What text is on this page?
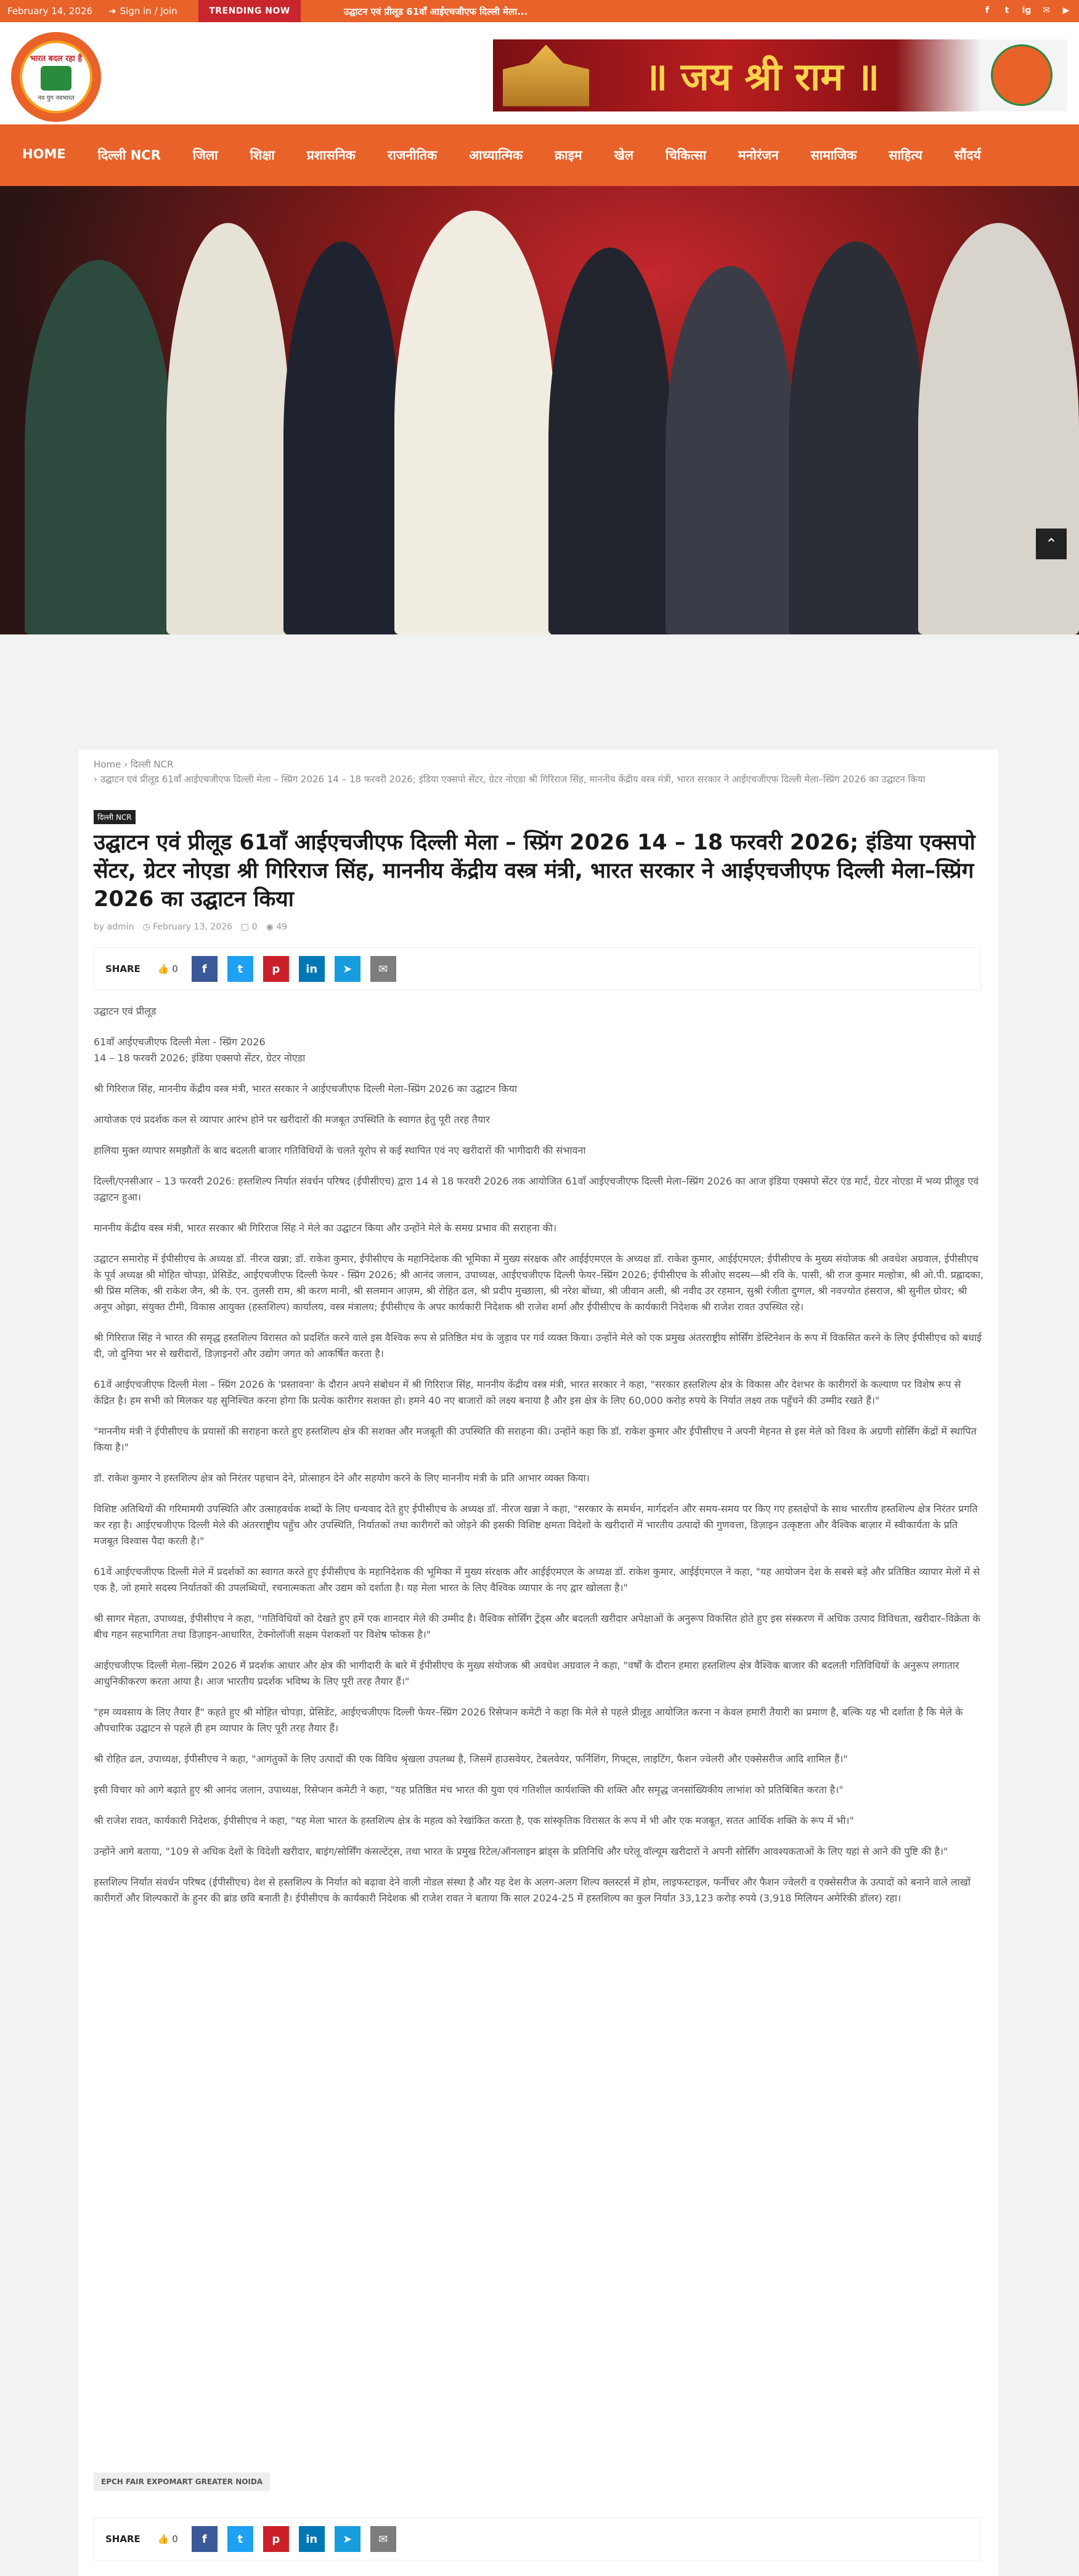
February 14, 2026 ➜ Sign in / Join	TRENDING NOW	उद्घाटन एवं प्रीलूड 61वाँ आईएचजीएफ दिल्ली मेला...	f	t	ig ✉ ▶
भारत बदल रहा है
नव युग नवभारत	॥ जय श्री राम ॥
HOME दिल्ली NCR जिला शिक्षा प्रशासनिक राजनीतिक आध्यात्मिक क्राइम खेल चिकित्सा मनोरंजन सामाजिक साहित्य सौंदर्य
⌃
Home › दिल्ली NCR
› उद्घाटन एवं प्रीलूड 61वाँ आईएचजीएफ दिल्ली मेला – स्प्रिंग 2026 14 – 18 फरवरी 2026; इंडिया एक्सपो सेंटर, ग्रेटर नोएडा श्री गिरिराज सिंह, माननीय केंद्रीय वस्त्र मंत्री, भारत सरकार ने आईएचजीएफ दिल्ली मेला–स्प्रिंग 2026 का उद्घाटन किया
दिल्ली NCR
उद्घाटन एवं प्रीलूड 61वाँ आईएचजीएफ दिल्ली मेला – स्प्रिंग 2026 14 – 18 फरवरी 2026; इंडिया एक्सपो सेंटर, ग्रेटर नोएडा श्री गिरिराज सिंह, माननीय केंद्रीय वस्त्र मंत्री, भारत सरकार ने आईएचजीएफ दिल्ली मेला–स्प्रिंग 2026 का उद्घाटन किया
by admin ◷ February 13, 2026 ▢ 0 ◉ 49
SHARE 👍 0	f	t	p	in	➤	✉

उद्घाटन एवं प्रीलूड

61वाँ आईएचजीएफ दिल्ली मेला - स्प्रिंग 2026
14 – 18 फरवरी 2026; इंडिया एक्सपो सेंटर, ग्रेटर नोएडा

श्री गिरिराज सिंह, माननीय केंद्रीय वस्त्र मंत्री, भारत सरकार ने आईएचजीएफ दिल्ली मेला–स्प्रिंग 2026 का उद्घाटन किया

आयोजक एवं प्रदर्शक कल से व्यापार आरंभ होने पर खरीदारों की मजबूत उपस्थिति के स्वागत हेतु पूरी तरह तैयार

हालिया मुक्त व्यापार समझौतों के बाद बदलती बाजार गतिविधियों के चलते यूरोप से कई स्थापित एवं नए खरीदारों की भागीदारी की संभावना

दिल्ली/एनसीआर – 13 फरवरी 2026: हस्तशिल्प निर्यात संवर्धन परिषद (ईपीसीएच) द्वारा 14 से 18 फरवरी 2026 तक आयोजित 61वाँ आईएचजीएफ दिल्ली मेला–स्प्रिंग 2026 का आज इंडिया एक्सपो सेंटर एंड मार्ट, ग्रेटर नोएडा में भव्य प्रीलूड एवं उद्घाटन हुआ।

माननीय केंद्रीय वस्त्र मंत्री, भारत सरकार श्री गिरिराज सिंह ने मेले का उद्घाटन किया और उन्होंने मेले के समग्र प्रभाव की सराहना की।

उद्घाटन समारोह में ईपीसीएच के अध्यक्ष डॉ. नीरज खन्ना; डॉ. राकेश कुमार, ईपीसीएच के महानिदेशक की भूमिका में मुख्य संरक्षक और आईईएमएल के अध्यक्ष डॉ. राकेश कुमार, आईईएमएल; ईपीसीएच के मुख्य संयोजक श्री अवधेश अग्रवाल, ईपीसीएच के पूर्व अध्यक्ष श्री मोहित चोपड़ा, प्रेसिडेंट, आईएचजीएफ दिल्ली फेयर - स्प्रिंग 2026; श्री आनंद जलान, उपाध्यक्ष, आईएचजीएफ दिल्ली फेयर–स्प्रिंग 2026; ईपीसीएच के सीओए सदस्य—श्री रवि के. पासी, श्री राज कुमार मल्होत्रा, श्री ओ.पी. प्रह्लादका, श्री प्रिंस मलिक, श्री राकेश जैन, श्री के. एन. तुलसी राम, श्री करण मानी, श्री सलमान आज़म, श्री रोहित ढल, श्री प्रदीप मुच्छाला, श्री नरेश बोंध्या, श्री जीवान अली, श्री नवीद उर रहमान, सुश्री रंजीता दुग्गल, श्री नवज्योत हंसराज, श्री सुनील ग्रोवर; श्री अनूप ओझा, संयुक्त टीमी, विकास आयुक्त (हस्तशिल्प) कार्यालय, वस्त्र मंत्रालय; ईपीसीएच के अपर कार्यकारी निदेशक श्री राजेश शर्मा और ईपीसीएच के कार्यकारी निदेशक श्री राजेश रावत उपस्थित रहे।

श्री गिरिराज सिंह ने भारत की समृद्ध हस्तशिल्प विरासत को प्रदर्शित करने वाले इस वैश्विक रूप से प्रतिष्ठित मंच के जुड़ाव पर गर्व व्यक्त किया। उन्होंने मेले को एक प्रमुख अंतरराष्ट्रीय सोर्सिंग डेस्टिनेशन के रूप में विकसित करने के लिए ईपीसीएच को बधाई दी, जो दुनिया भर से खरीदारों, डिज़ाइनरों और उद्योग जगत को आकर्षित करता है।

61वें आईएचजीएफ दिल्ली मेला – स्प्रिंग 2026 के 'प्रस्तावना' के दौरान अपने संबोधन में श्री गिरिराज सिंह, माननीय केंद्रीय वस्त्र मंत्री, भारत सरकार ने कहा, "सरकार हस्तशिल्प क्षेत्र के विकास और देशभर के कारीगरों के कल्याण पर विशेष रूप से केंद्रित है। हम सभी को मिलकर यह सुनिश्चित करना होगा कि प्रत्येक कारीगर सशक्त हो। हमने 40 नए बाजारों को लक्ष्य बनाया है और इस क्षेत्र के लिए 60,000 करोड़ रुपये के निर्यात लक्ष्य तक पहुँचने की उम्मीद रखते हैं।"

"माननीय मंत्री ने ईपीसीएच के प्रयासों की सराहना करते हुए हस्तशिल्प क्षेत्र की सशक्त और मजबूती की उपस्थिति की सराहना की। उन्होंने कहा कि डॉ. राकेश कुमार और ईपीसीएच ने अपनी मेहनत से इस मेले को विश्व के अग्रणी सोर्सिंग केंद्रों में स्थापित किया है।"

डॉ. राकेश कुमार ने हस्तशिल्प क्षेत्र को निरंतर पहचान देने, प्रोत्साहन देने और सहयोग करने के लिए माननीय मंत्री के प्रति आभार व्यक्त किया।

विशिष्ट अतिथियों की गरिमामयी उपस्थिति और उत्साहवर्धक शब्दों के लिए धन्यवाद देते हुए ईपीसीएच के अध्यक्ष डॉ. नीरज खन्ना ने कहा, "सरकार के समर्थन, मार्गदर्शन और समय-समय पर किए गए हस्तक्षेपों के साथ भारतीय हस्तशिल्प क्षेत्र निरंतर प्रगति कर रहा है। आईएचजीएफ दिल्ली मेले की अंतरराष्ट्रीय पहुँच और उपस्थिति, निर्यातकों तथा कारीगरों को जोड़ने की इसकी विशिष्ट क्षमता विदेशों के खरीदारों में भारतीय उत्पादों की गुणवत्ता, डिज़ाइन उत्कृष्टता और वैश्विक बाज़ार में स्वीकार्यता के प्रति मजबूत विश्वास पैदा करती है।"

61वें आईएचजीएफ दिल्ली मेले में प्रदर्शकों का स्वागत करते हुए ईपीसीएच के महानिदेशक की भूमिका में मुख्य संरक्षक और आईईएमएल के अध्यक्ष डॉ. राकेश कुमार, आईईएमएल ने कहा, "यह आयोजन देश के सबसे बड़े और प्रतिष्ठित व्यापार मेलों में से एक है, जो हमारे सदस्य निर्यातकों की उपलब्धियों, रचनात्मकता और उद्यम को दर्शाता है। यह मेला भारत के लिए वैश्विक व्यापार के नए द्वार खोलता है।"

श्री सागर मेहता, उपाध्यक्ष, ईपीसीएच ने कहा, "गतिविधियों को देखते हुए हमें एक शानदार मेले की उम्मीद है। वैश्विक सोर्सिंग ट्रेंड्स और बदलती खरीदार अपेक्षाओं के अनुरूप विकसित होते हुए इस संस्करण में अधिक उत्पाद विविधता, खरीदार–विक्रेता के बीच गहन सहभागिता तथा डिज़ाइन-आधारित, टेक्नोलॉजी सक्षम पेशकशों पर विशेष फोकस है।"

आईएचजीएफ दिल्ली मेला–स्प्रिंग 2026 में प्रदर्शक आधार और क्षेत्र की भागीदारी के बारे में ईपीसीएच के मुख्य संयोजक श्री अवधेश अग्रवाल ने कहा, "वर्षों के दौरान हमारा हस्तशिल्प क्षेत्र वैश्विक बाजार की बदलती गतिविधियों के अनुरूप लगातार आधुनिकीकरण करता आया है। आज भारतीय प्रदर्शक भविष्य के लिए पूरी तरह तैयार हैं।"

"हम व्यवसाय के लिए तैयार हैं" कहते हुए श्री मोहित चोपड़ा, प्रेसिडेंट, आईएचजीएफ दिल्ली फेयर–स्प्रिंग 2026 रिसेप्शन कमेटी ने कहा कि मेले से पहले प्रीलूड आयोजित करना न केवल हमारी तैयारी का प्रमाण है, बल्कि यह भी दर्शाता है कि मेले के औपचारिक उद्घाटन से पहले ही हम व्यापार के लिए पूरी तरह तैयार हैं।

श्री रोहित ढल, उपाध्यक्ष, ईपीसीएच ने कहा, "आगंतुकों के लिए उत्पादों की एक विविध श्रृंखला उपलब्ध है, जिसमें हाउसवेयर, टेबलवेयर, फर्निशिंग, गिफ्ट्स, लाइटिंग, फैशन ज्वेलरी और एक्सेसरीज आदि शामिल हैं।"

इसी विचार को आगे बढ़ाते हुए श्री आनंद जलान, उपाध्यक्ष, रिसेप्शन कमेटी ने कहा, "यह प्रतिष्ठित मंच भारत की युवा एवं गतिशील कार्यशक्ति की शक्ति और समृद्ध जनसांख्यिकीय लाभांश को प्रतिबिंबित करता है।"

श्री राजेश रावत, कार्यकारी निदेशक, ईपीसीएच ने कहा, "यह मेला भारत के हस्तशिल्प क्षेत्र के महत्व को रेखांकित करता है, एक सांस्कृतिक विरासत के रूप में भी और एक मजबूत, सतत आर्थिक शक्ति के रूप में भी।"

उन्होंने आगे बताया, "109 से अधिक देशों के विदेशी खरीदार, बाइंग/सोर्सिंग कंसल्टेंट्स, तथा भारत के प्रमुख रिटेल/ऑनलाइन ब्रांड्स के प्रतिनिधि और घरेलू वॉल्यूम खरीदारों ने अपनी सोर्सिंग आवश्यकताओं के लिए यहां से आने की पुष्टि की है।"

हस्तशिल्प निर्यात संवर्धन परिषद (ईपीसीएच) देश से हस्तशिल्प के निर्यात को बढ़ावा देने वाली नोडल संस्था है और यह देश के अलग-अलग शिल्प क्लस्टर्स में होम, लाइफस्टाइल, फर्नीचर और फैशन ज्वेलरी व एक्सेसरीज के उत्पादों को बनाने वाले लाखों कारीगरों और शिल्पकारों के हुनर की ब्रांड छवि बनाती है। ईपीसीएच के कार्यकारी निदेशक श्री राजेश रावत ने बताया कि साल 2024-25 में हस्तशिल्प का कुल निर्यात 33,123 करोड़ रुपये (3,918 मिलियन अमेरिकी डॉलर) रहा।

EPCH FAIR EXPOMART GREATER NOIDA
SHARE 👍 0	f	t	p	in	➤	✉
